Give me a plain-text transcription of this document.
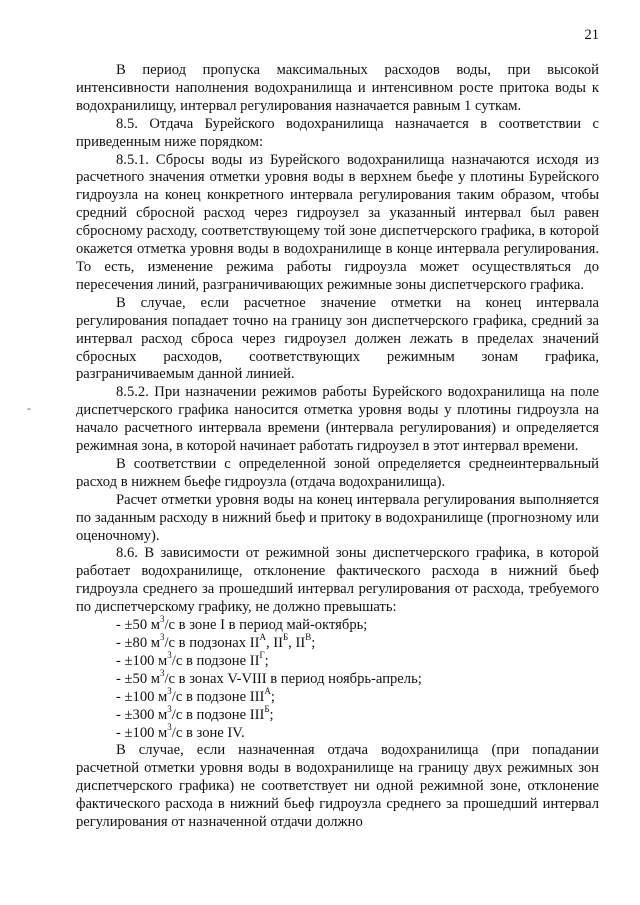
21
-

В период пропуска максимальных расходов воды, при высокой интенсивности наполнения водохранилища и интенсивном росте притока воды к водохранилищу, интервал регулирования назначается равным 1 суткам.

8.5. Отдача Бурейского водохранилища назначается в соответствии с приведенным ниже порядком:

8.5.1. Сбросы воды из Бурейского водохранилища назначаются исходя из расчетного значения отметки уровня воды в верхнем бьефе у плотины Бурейского гидроузла на конец конкретного интервала регулирования таким образом, чтобы средний сбросной расход через гидроузел за указанный интервал был равен сбросному расходу, соответствующему той зоне диспетчерского графика, в которой окажется отметка уровня воды в водохранилище в конце интервала регулирования. То есть, изменение режима работы гидроузла может осуществляться до пересечения линий, разграничивающих режимные зоны диспетчерского графика.

В случае, если расчетное значение отметки на конец интервала регулирования попадает точно на границу зон диспетчерского графика, средний за интервал расход сброса через гидроузел должен лежать в пределах значений сбросных расходов, соответствующих режимным зонам графика, разграничиваемым данной линией.

8.5.2. При назначении режимов работы Бурейского водохранилища на поле диспетчерского графика наносится отметка уровня воды у плотины гидроузла на начало расчетного интервала времени (интервала регулирования) и определяется режимная зона, в которой начинает работать гидроузел в этот интервал времени.

В соответствии с определенной зоной определяется среднеинтервальный расход в нижнем бьефе гидроузла (отдача водохранилища).

Расчет отметки уровня воды на конец интервала регулирования выполняется по заданным расходу в нижний бьеф и притоку в водохранилище (прогнозному или оценочному).

8.6. В зависимости от режимной зоны диспетчерского графика, в которой работает водохранилище, отклонение фактического расхода в нижний бьеф гидроузла среднего за прошедший интервал регулирования от расхода, требуемого по диспетчерскому графику, не должно превышать:

- ±50 $м^3/с$ в зоне I в период май-октябрь;

- ±80 $м^3/с$ в подзонах $II^А$, $II^Б$, $II^В$;

- ±100 $м^3/с$ в подзоне $II^Г$;

- ±50 $м^3/с$ в зонах V-VIII в период ноябрь-апрель;

- ±100 $м^3/с$ в подзоне $III^А$;

- ±300 $м^3/с$ в подзоне $III^Б$;

- ±100 $м^3/с$ в зоне IV.

В случае, если назначенная отдача водохранилища (при попадании расчетной отметки уровня воды в водохранилище на границу двух режимных зон диспетчерского графика) не соответствует ни одной режимной зоне, отклонение фактического расхода в нижний бьеф гидроузла среднего за прошедший интервал регулирования от назначенной отдачи должно
